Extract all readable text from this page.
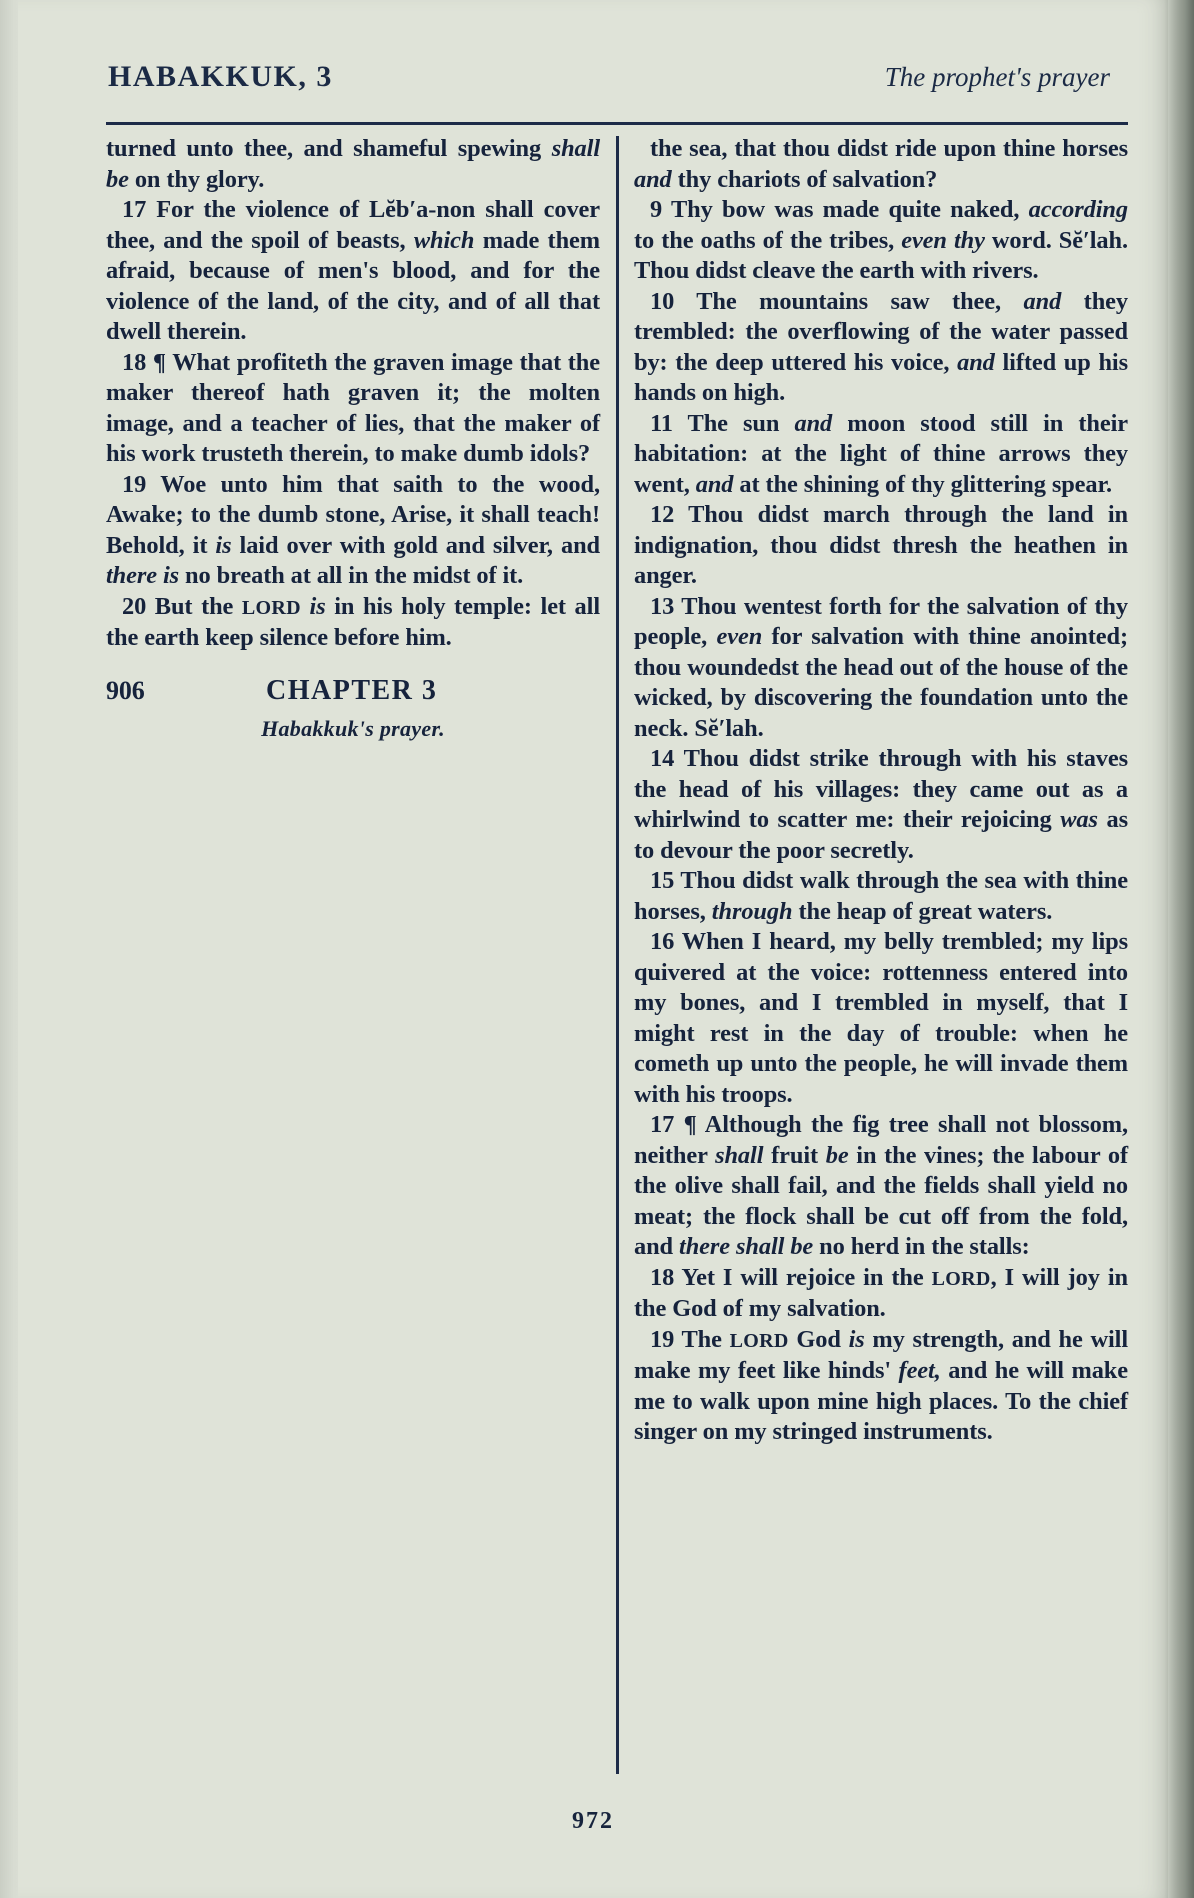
HABAKKUK, 3	The prophet's prayer

turned unto thee, and shameful spewing shall be on thy glory.

17 For the violence of Lĕb′a-non shall cover thee, and the spoil of beasts, which made them afraid, because of men's blood, and for the violence of the land, of the city, and of all that dwell therein.

18 ¶ What profiteth the graven image that the maker thereof hath graven it; the molten image, and a teacher of lies, that the maker of his work trusteth therein, to make dumb idols?

19 Woe unto him that saith to the wood, Awake; to the dumb stone, Arise, it shall teach! Behold, it is laid over with gold and silver, and there is no breath at all in the midst of it.

20 But the LORD is in his holy temple: let all the earth keep silence before him.

906	CHAPTER 3

Habakkuk's prayer.

the sea, that thou didst ride upon thine horses and thy chariots of salvation?

9 Thy bow was made quite naked, according to the oaths of the tribes, even thy word. Sĕ′lah. Thou didst cleave the earth with rivers.

10 The mountains saw thee, and they trembled: the overflowing of the water passed by: the deep uttered his voice, and lifted up his hands on high.

11 The sun and moon stood still in their habitation: at the light of thine arrows they went, and at the shining of thy glittering spear.

12 Thou didst march through the land in indignation, thou didst thresh the heathen in anger.

13 Thou wentest forth for the salvation of thy people, even for salvation with thine anointed; thou woundedst the head out of the house of the wicked, by discovering the foundation unto the neck. Sĕ′lah.

14 Thou didst strike through with his staves the head of his villages: they came out as a whirlwind to scatter me: their rejoicing was as to devour the poor secretly.

15 Thou didst walk through the sea with thine horses, through the heap of great waters.

16 When I heard, my belly trembled; my lips quivered at the voice: rottenness entered into my bones, and I trembled in myself, that I might rest in the day of trouble: when he cometh up unto the people, he will invade them with his troops.

17 ¶ Although the fig tree shall not blossom, neither shall fruit be in the vines; the labour of the olive shall fail, and the fields shall yield no meat; the flock shall be cut off from the fold, and there shall be no herd in the stalls:

18 Yet I will rejoice in the LORD, I will joy in the God of my salvation.

19 The LORD God is my strength, and he will make my feet like hinds' feet, and he will make me to walk upon mine high places. To the chief singer on my stringed instruments.

972
